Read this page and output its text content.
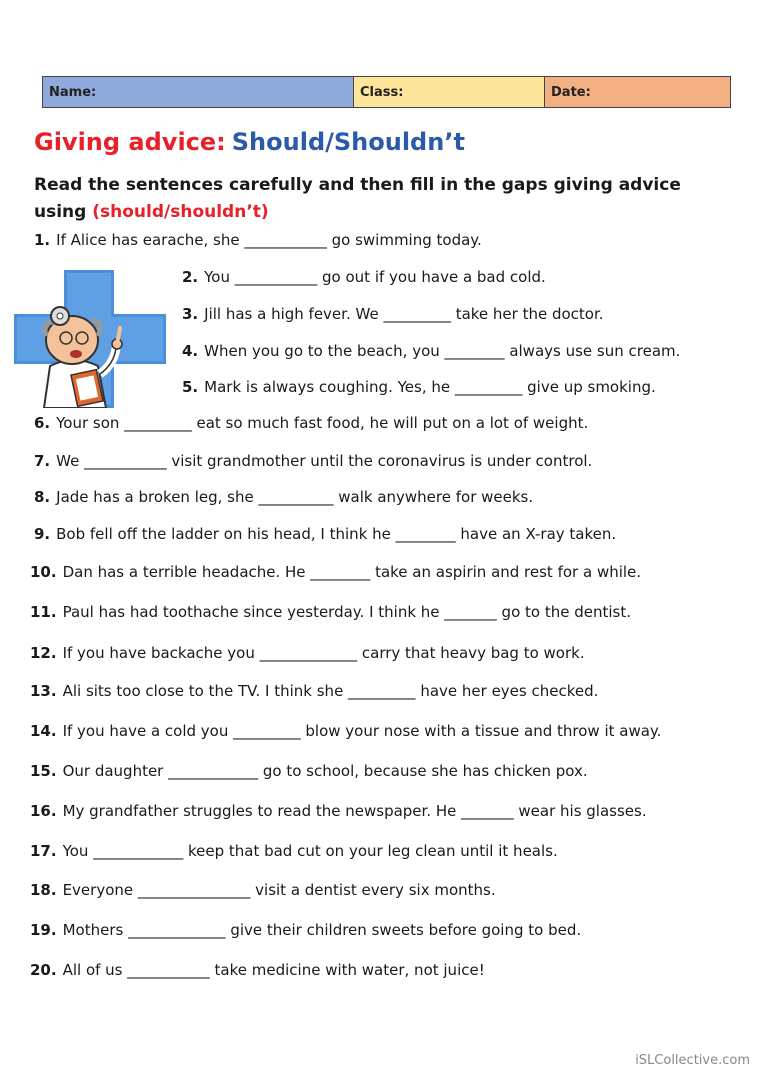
Name:	Class:	Date:
Giving advice: Should/Shouldn’t
Read the sentences carefully and then fill in the gaps giving advice using (should/shouldn’t)
1. If Alice has earache, she ___________ go swimming today.
2. You ___________ go out if you have a bad cold.
3. Jill has a high fever. We _________ take her the doctor.
4. When you go to the beach, you ________ always use sun cream.
5. Mark is always coughing. Yes, he _________ give up smoking.
6. Your son _________ eat so much fast food, he will put on a lot of weight.
7. We ___________ visit grandmother until the coronavirus is under control.
8. Jade has a broken leg, she __________ walk anywhere for weeks.
9. Bob fell off the ladder on his head, I think he ________ have an X-ray taken.
10. Dan has a terrible headache. He ________ take an aspirin and rest for a while.
11. Paul has had toothache since yesterday. I think he _______ go to the dentist.
12. If you have backache you _____________ carry that heavy bag to work.
13. Ali sits too close to the TV. I think she _________ have her eyes checked.
14. If you have a cold you _________ blow your nose with a tissue and throw it away.
15. Our daughter ____________ go to school, because she has chicken pox.
16. My grandfather struggles to read the newspaper. He _______ wear his glasses.
17. You ____________ keep that bad cut on your leg clean until it heals.
18. Everyone _______________ visit a dentist every six months.
19. Mothers _____________ give their children sweets before going to bed.
20. All of us ___________ take medicine with water, not juice!
iSLCollective.com
